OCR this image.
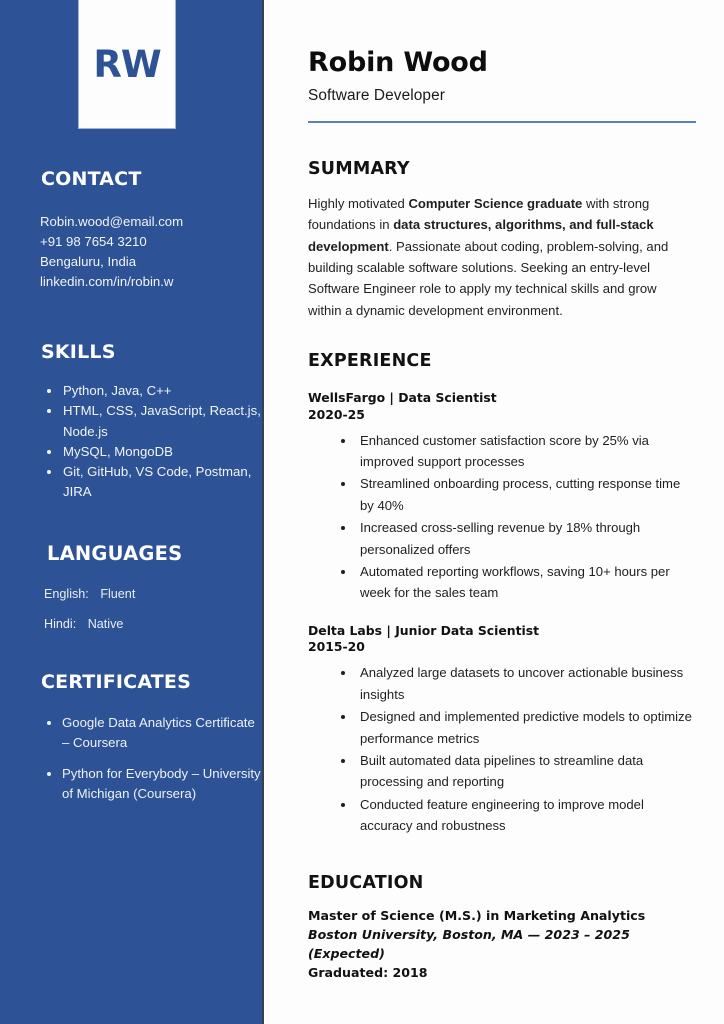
RW
CONTACT
Robin.wood@email.com
+91 98 7654 3210
Bengaluru, India
linkedin.com/in/robin.w
SKILLS
• Python, Java, C++
• HTML, CSS, JavaScript, React.js, Node.js
• MySQL, MongoDB
• Git, GitHub, VS Code, Postman, JIRA
LANGUAGES
English: Fluent
Hindi: Native
CERTIFICATES
• Google Data Analytics Certificate – Coursera
• Python for Everybody – University of Michigan (Coursera)
Robin Wood
Software Developer
SUMMARY

Highly motivated Computer Science graduate with strong foundations in data structures, algorithms, and full-stack development. Passionate about coding, problem-solving, and building scalable software solutions. Seeking an entry-level Software Engineer role to apply my technical skills and grow within a dynamic development environment.

EXPERIENCE
WellsFargo | Data Scientist
2020-25
• Enhanced customer satisfaction score by 25% via improved support processes
• Streamlined onboarding process, cutting response time by 40%
• Increased cross-selling revenue by 18% through personalized offers
• Automated reporting workflows, saving 10+ hours per week for the sales team
Delta Labs | Junior Data Scientist
2015-20
• Analyzed large datasets to uncover actionable business insights
• Designed and implemented predictive models to optimize performance metrics
• Built automated data pipelines to streamline data processing and reporting
• Conducted feature engineering to improve model accuracy and robustness
EDUCATION
Master of Science (M.S.) in Marketing Analytics
Boston University, Boston, MA — 2023 – 2025 (Expected)
Graduated: 2018
